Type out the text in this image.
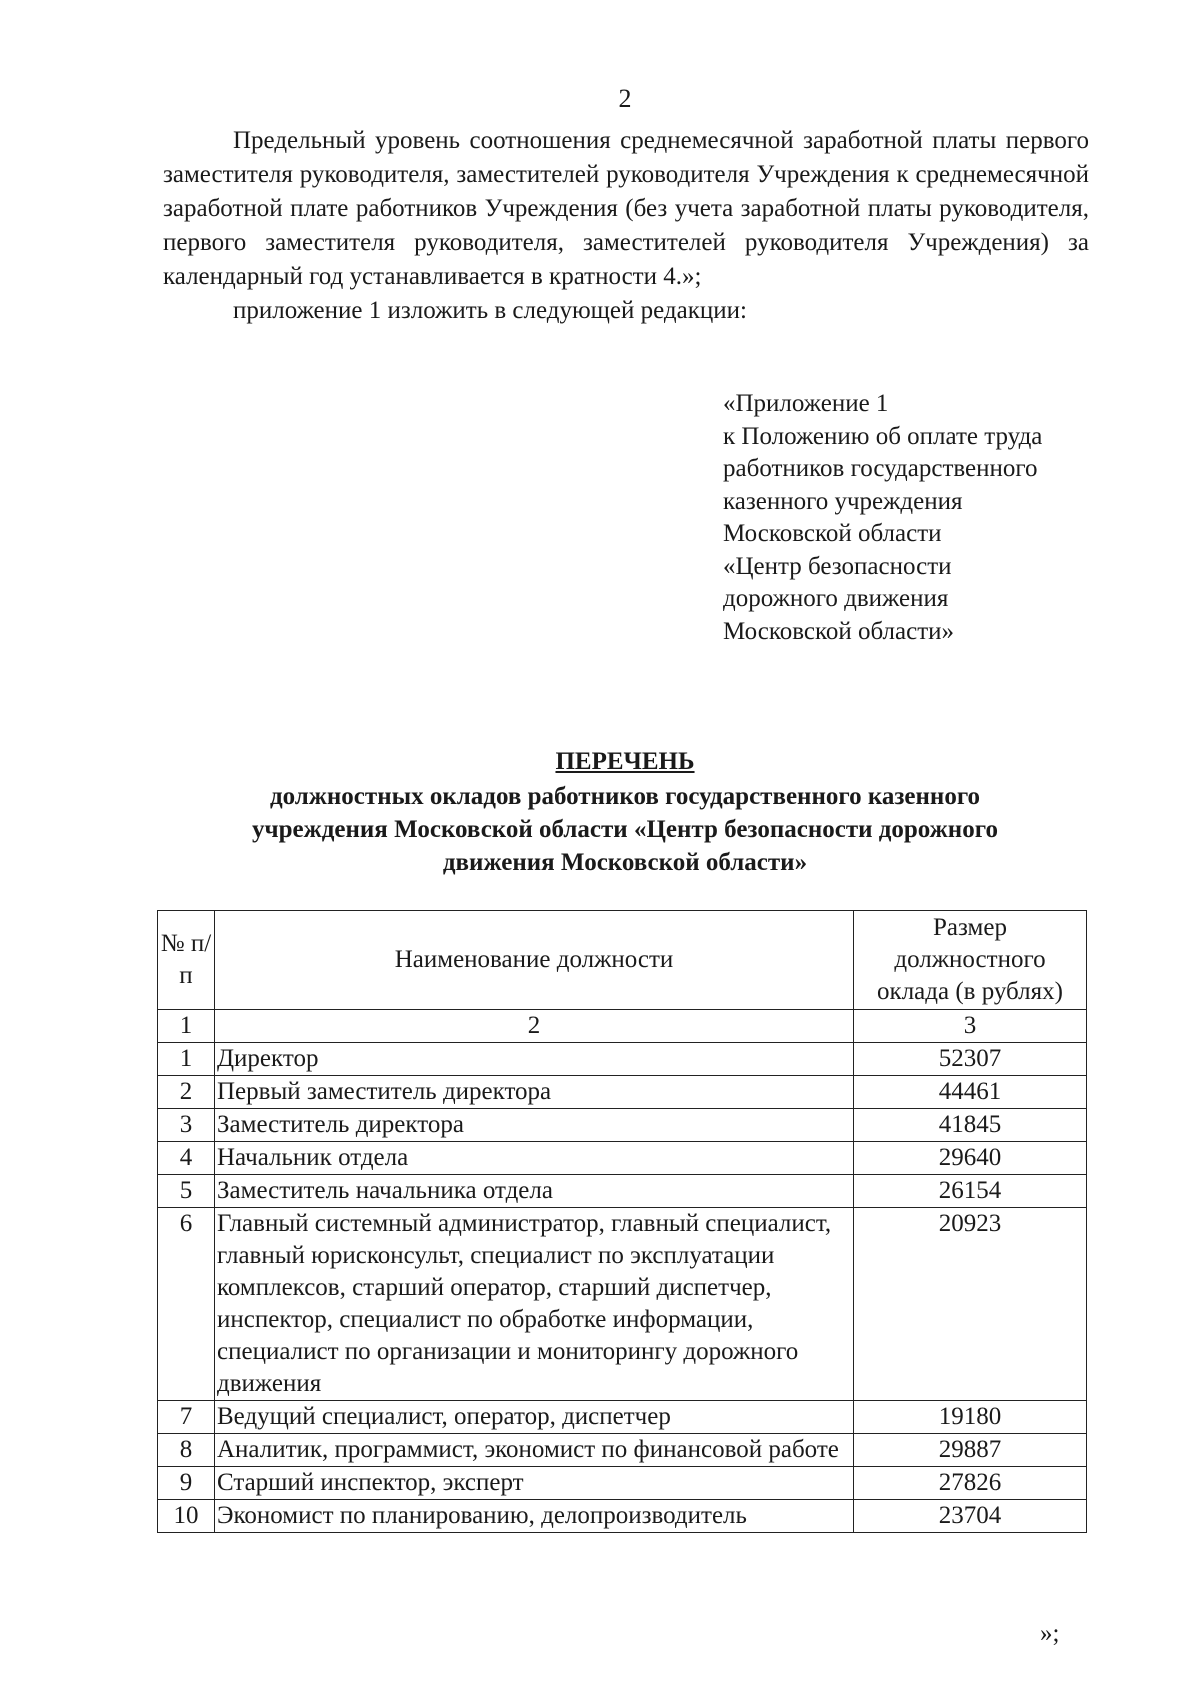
2

Предельный уровень соотношения среднемесячной заработной платы первого заместителя руководителя, заместителей руководителя Учреждения к среднемесячной заработной плате работников Учреждения (без учета заработной платы руководителя, первого заместителя руководителя, заместителей руководителя Учреждения) за календарный год устанавливается в кратности 4.»;

приложение 1 изложить в следующей редакции:

«Приложение 1
к Положению об оплате труда
работников государственного
казенного учреждения
Московской области
«Центр безопасности
дорожного движения
Московской области»
ПЕРЕЧЕНЬ
должностных окладов работников государственного казенного
учреждения Московской области «Центр безопасности дорожного
движения Московской области»
№ п/п	Наименование должности	Размер должностного оклада (в рублях)
1	2	3
1	Директор	52307
2	Первый заместитель директора	44461
3	Заместитель директора	41845
4	Начальник отдела	29640
5	Заместитель начальника отдела	26154
6	Главный системный администратор, главный специалист, главный юрисконсульт, специалист по эксплуатации комплексов, старший оператор, старший диспетчер, инспектор, специалист по обработке информации, специалист по организации и мониторингу дорожного движения	20923
7	Ведущий специалист, оператор, диспетчер	19180
8	Аналитик, программист, экономист по финансовой работе	29887
9	Старший инспектор, эксперт	27826
10	Экономист по планированию, делопроизводитель	23704
»;
